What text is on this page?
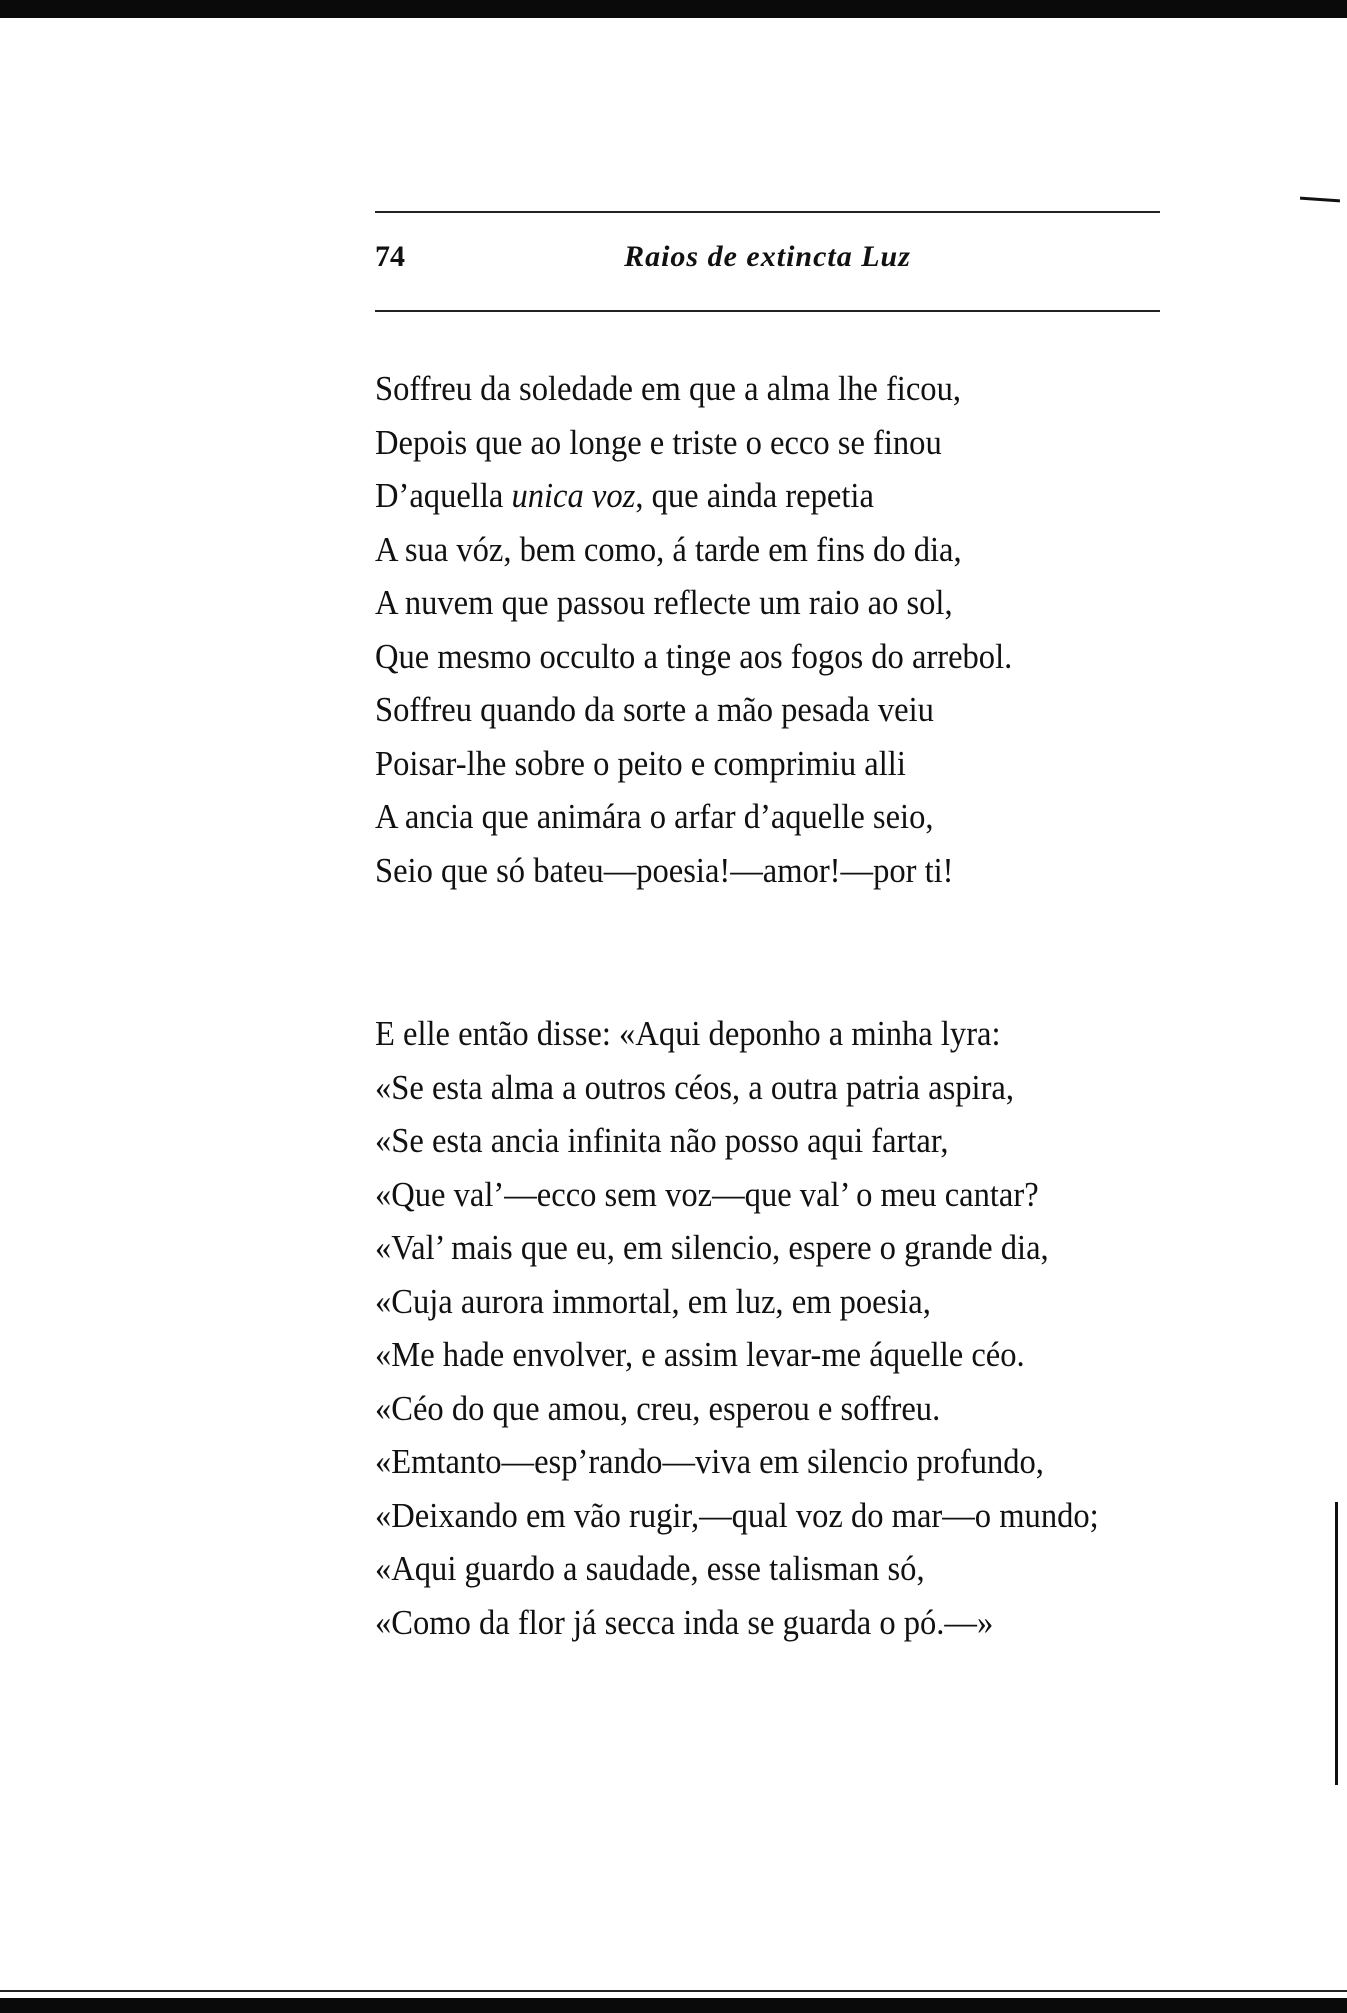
74	Raios de extincta Luz
Soffreu da soledade em que a alma lhe ficou,
Depois que ao longe e triste o ecco se finou
D’aquella unica voz, que ainda repetia
A sua vóz, bem como, á tarde em fins do dia,
A nuvem que passou reflecte um raio ao sol,
Que mesmo occulto a tinge aos fogos do arrebol.
Soffreu quando da sorte a mão pesada veiu
Poisar-lhe sobre o peito e comprimiu alli
A ancia que animára o arfar d’aquelle seio,
Seio que só bateu—poesia!—amor!—por ti!
E elle então disse: «Aqui deponho a minha lyra:
«Se esta alma a outros céos, a outra patria aspira,
«Se esta ancia infinita não posso aqui fartar,
«Que val’—ecco sem voz—que val’ o meu cantar?
«Val’ mais que eu, em silencio, espere o grande dia,
«Cuja aurora immortal, em luz, em poesia,
«Me hade envolver, e assim levar-me áquelle céo.
«Céo do que amou, creu, esperou e soffreu.
«Emtanto—esp’rando—viva em silencio profundo,
«Deixando em vão rugir,—qual voz do mar—o mundo;
«Aqui guardo a saudade, esse talisman só,
«Como da flor já secca inda se guarda o pó.—»
